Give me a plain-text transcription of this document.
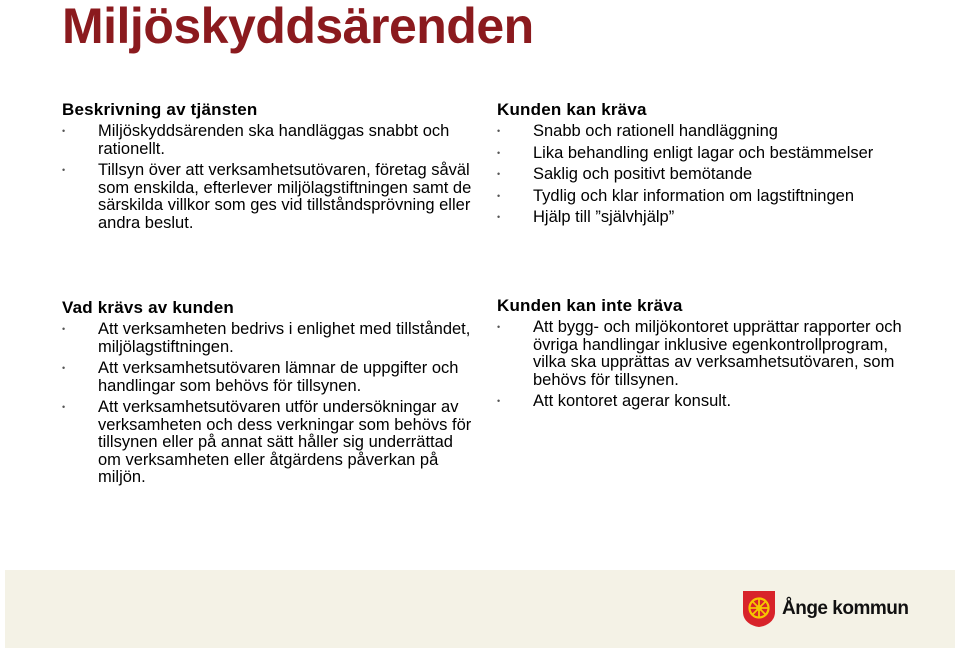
Miljöskyddsärenden
Beskrivning av tjänsten
•	Miljöskyddsärenden ska handläggas snabbt och rationellt.
•	Tillsyn över att verksamhetsutövaren, företag såväl som enskilda, efterlever miljölagstiftningen samt de särskilda villkor som ges vid tillståndsprövning eller andra beslut.
Kunden kan kräva
•	Snabb och rationell handläggning
•	Lika behandling enligt lagar och bestämmelser
•	Saklig och positivt bemötande
•	Tydlig och klar information om lagstiftningen
•	Hjälp till ”självhjälp”
Vad krävs av kunden
•	Att verksamheten bedrivs i enlighet med tillståndet, miljölagstiftningen.
•	Att verksamhetsutövaren lämnar de uppgifter och handlingar som behövs för tillsynen.
•	Att verksamhetsutövaren utför undersökningar av verksamheten och dess verkningar som behövs för tillsynen eller på annat sätt håller sig underrättad om verksamheten eller åtgärdens påverkan på miljön.
Kunden kan inte kräva
•	Att bygg- och miljökontoret upprättar rapporter och övriga handlingar inklusive egenkontrollprogram, vilka ska upprättas av verksamhetsutövaren, som behövs för tillsynen.
•	Att kontoret agerar konsult.
Ånge kommun
